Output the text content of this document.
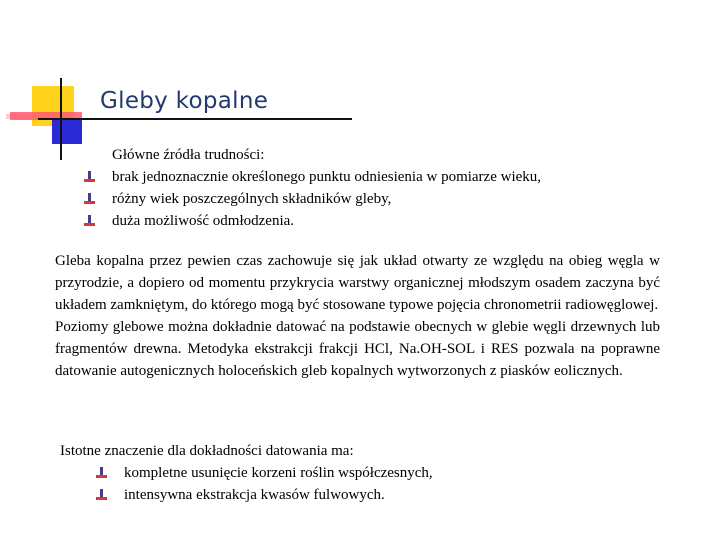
Gleby kopalne

Główne źródła trudności:

brak jednoznacznie określonego punktu odniesienia w pomiarze wieku,
różny wiek poszczególnych składników gleby,
duża możliwość odmłodzenia.

Gleba kopalna przez pewien czas zachowuje się jak układ otwarty ze względu na obieg węgla w przyrodzie, a dopiero od momentu przykrycia warstwy organicznej młodszym osadem zaczyna być układem zamkniętym, do którego mogą być stosowane typowe pojęcia chronometrii radiowęglowej.

Poziomy glebowe można dokładnie datować na podstawie obecnych w glebie węgli drzewnych lub fragmentów drewna. Metodyka ekstrakcji frakcji HCl, Na.OH-SOL i RES pozwala na poprawne datowanie autogenicznych holoceńskich gleb kopalnych wytworzonych z piasków eolicznych.

Istotne znaczenie dla dokładności datowania ma:

kompletne usunięcie korzeni roślin współczesnych,
intensywna ekstrakcja kwasów fulwowych.
